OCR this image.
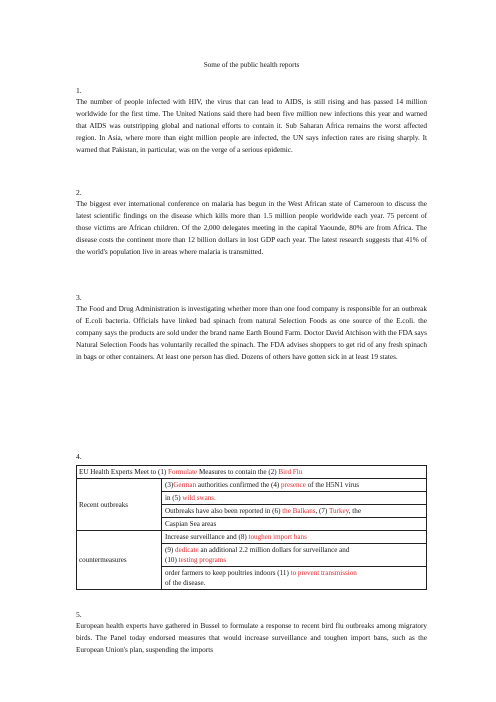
Some of the public health reports
1.
The number of people infected with HIV, the virus that can lead to AIDS, is still rising and has passed 14 million worldwide for the first time. The United Nations said there had been five million new infections this year and warned that AIDS was outstripping global and national efforts to contain it. Sub Saharan Africa remains the worst affected region. In Asia, where more than eight million people are infected, the UN says infection rates are rising sharply. It warned that Pakistan, in particular, was on the verge of a serious epidemic.
2.
The biggest ever international conference on malaria has begun in the West African state of Cameroon to discuss the latest scientific findings on the disease which kills more than 1.5 million people worldwide each year. 75 percent of those victims are African children. Of the 2,000 delegates meeting in the capital Yaounde, 80% are from Africa. The disease costs the continent more than 12 billion dollars in lost GDP each year. The latest research suggests that 41% of the world's population live in areas where malaria is transmitted.
3.
The Food and Drug Administration is investigating whether more than one food company is responsible for an outbreak of E.coli bacteria. Officials have linked bad spinach from natural Selection Foods as one source of the E.coli. the company says the products are sold under the brand name Earth Bound Farm. Doctor David Atchison with the FDA says Natural Selection Foods has voluntarily recalled the spinach. The FDA advises shoppers to get rid of any fresh spinach in bags or other containers. At least one person has died. Dozens of others have gotten sick in at least 19 states.
4.
EU Health Experts Meet to (1) Formulate Measures to contain the (2) Bird Flu	
Recent outbreaks	(3)German authorities confirmed the (4) presence of the H5N1 virus
	in (5) wild swans.
	Outbreaks have also been reported in (6) the Balkans, (7) Turkey, the
	Caspian Sea areas
countermeasures	Increase surveillance and (8) toughen import bans
	(9) dedicate an additional 2.2 million dollars for surveillance and
(10) testing programs
	order farmers to keep poultries indoors (11) to prevent transmission
of the disease.
5.
European health experts have gathered in Bussel to formulate a response to recent bird flu outbreaks among migratory birds. The Panel today endorsed measures that would increase surveillance and toughen import bans, such as the European Union's plan, suspending the imports
